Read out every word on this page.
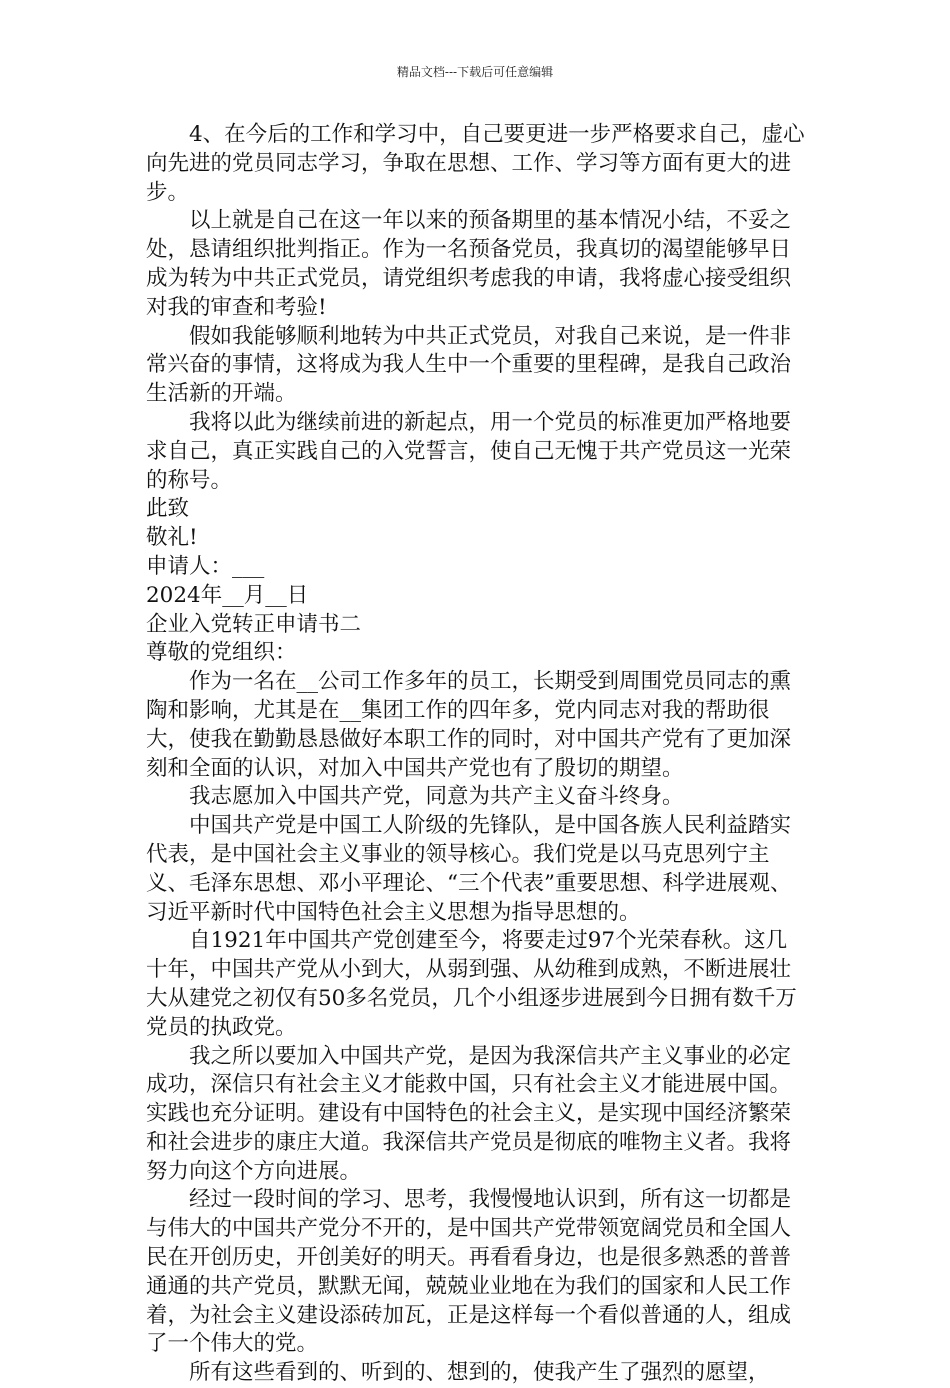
精品文档---下载后可任意编辑

4、在今后的工作和学习中，自己要更进一步严格要求自己，虚心向先进的党员同志学习，争取在思想、工作、学习等方面有更大的进步。

以上就是自己在这一年以来的预备期里的基本情况小结，不妥之处，恳请组织批判指正。作为一名预备党员，我真切的渴望能够早日成为转为中共正式党员，请党组织考虑我的申请，我将虚心接受组织对我的审查和考验!

假如我能够顺利地转为中共正式党员，对我自己来说，是一件非常兴奋的事情，这将成为我人生中一个重要的里程碑，是我自己政治生活新的开端。

我将以此为继续前进的新起点，用一个党员的标准更加严格地要求自己，真正实践自己的入党誓言，使自己无愧于共产党员这一光荣的称号。

此致

敬礼!

申请人：___

2024年__月__日

企业入党转正申请书二

尊敬的党组织：

作为一名在__公司工作多年的员工，长期受到周围党员同志的熏陶和影响，尤其是在__集团工作的四年多，党内同志对我的帮助很大，使我在勤勤恳恳做好本职工作的同时，对中国共产党有了更加深刻和全面的认识，对加入中国共产党也有了殷切的期望。

我志愿加入中国共产党，同意为共产主义奋斗终身。

中国共产党是中国工人阶级的先锋队，是中国各族人民利益踏实代表，是中国社会主义事业的领导核心。我们党是以马克思列宁主义、毛泽东思想、邓小平理论、“三个代表”重要思想、科学进展观、习近平新时代中国特色社会主义思想为指导思想的。

自1921年中国共产党创建至今，将要走过97个光荣春秋。这几十年，中国共产党从小到大，从弱到强、从幼稚到成熟，不断进展壮大从建党之初仅有50多名党员，几个小组逐步进展到今日拥有数千万党员的执政党。

我之所以要加入中国共产党，是因为我深信共产主义事业的必定成功，深信只有社会主义才能救中国，只有社会主义才能进展中国。实践也充分证明。建设有中国特色的社会主义，是实现中国经济繁荣和社会进步的康庄大道。我深信共产党员是彻底的唯物主义者。我将努力向这个方向进展。

经过一段时间的学习、思考，我慢慢地认识到，所有这一切都是与伟大的中国共产党分不开的，是中国共产党带领宽阔党员和全国人民在开创历史，开创美好的明天。再看看身边，也是很多熟悉的普普通通的共产党员，默默无闻，兢兢业业地在为我们的国家和人民工作着，为社会主义建设添砖加瓦，正是这样每一个看似普通的人，组成了一个伟大的党。

所有这些看到的、听到的、想到的，使我产生了强烈的愿望，
